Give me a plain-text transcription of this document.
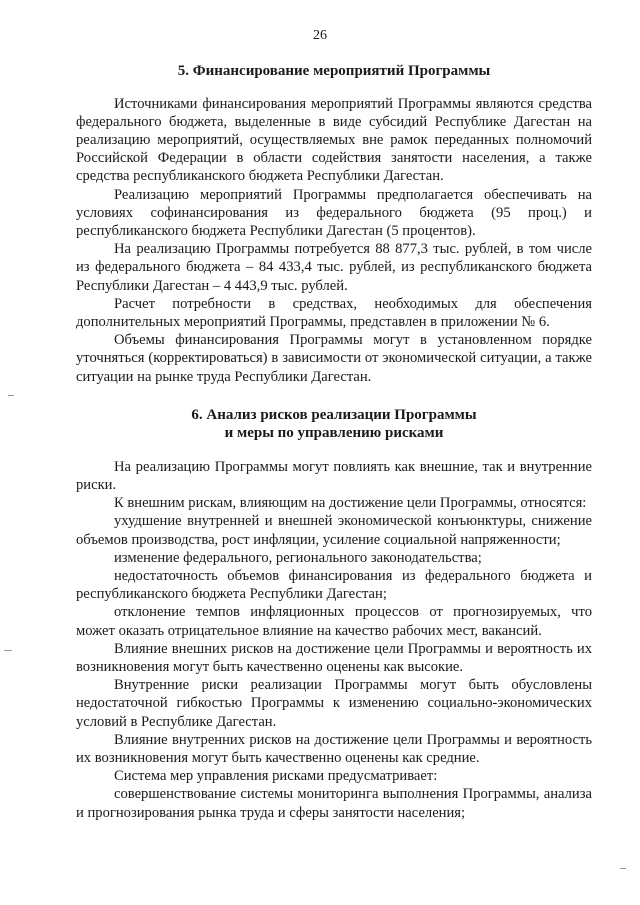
26
5. Финансирование мероприятий Программы

Источниками финансирования мероприятий Программы являются средства федерального бюджета, выделенные в виде субсидий Республике Дагестан на реализацию мероприятий, осуществляемых вне рамок переданных полномочий Российской Федерации в области содействия занятости населения, а также средства республиканского бюджета Республики Дагестан.

Реализацию мероприятий Программы предполагается обеспечивать на условиях софинансирования из федерального бюджета (95 проц.) и республиканского бюджета Республики Дагестан (5 процентов).

На реализацию Программы потребуется 88 877,3 тыс. рублей, в том числе из федерального бюджета – 84 433,4 тыс. рублей, из республиканского бюджета Республики Дагестан – 4 443,9 тыс. рублей.

Расчет потребности в средствах, необходимых для обеспечения дополнительных мероприятий Программы, представлен в приложении № 6.

Объемы финансирования Программы могут в установленном порядке уточняться (корректироваться) в зависимости от экономической ситуации, а также ситуации на рынке труда Республики Дагестан.

6. Анализ рисков реализации Программы
и меры по управлению рисками

На реализацию Программы могут повлиять как внешние, так и внутренние риски.

К внешним рискам, влияющим на достижение цели Программы, относятся:

ухудшение внутренней и внешней экономической конъюнктуры, снижение объемов производства, рост инфляции, усиление социальной напряженности;

изменение федерального, регионального законодательства;

недостаточность объемов финансирования из федерального бюджета и республиканского бюджета Республики Дагестан;

отклонение темпов инфляционных процессов от прогнозируемых, что может оказать отрицательное влияние на качество рабочих мест, вакансий.

Влияние внешних рисков на достижение цели Программы и вероятность их возникновения могут быть качественно оценены как высокие.

Внутренние риски реализации Программы могут быть обусловлены недостаточной гибкостью Программы к изменению социально-экономических условий в Республике Дагестан.

Влияние внутренних рисков на достижение цели Программы и вероятность их возникновения могут быть качественно оценены как средние.

Система мер управления рисками предусматривает:

совершенствование системы мониторинга выполнения Программы, анализа и прогнозирования рынка труда и сферы занятости населения;
